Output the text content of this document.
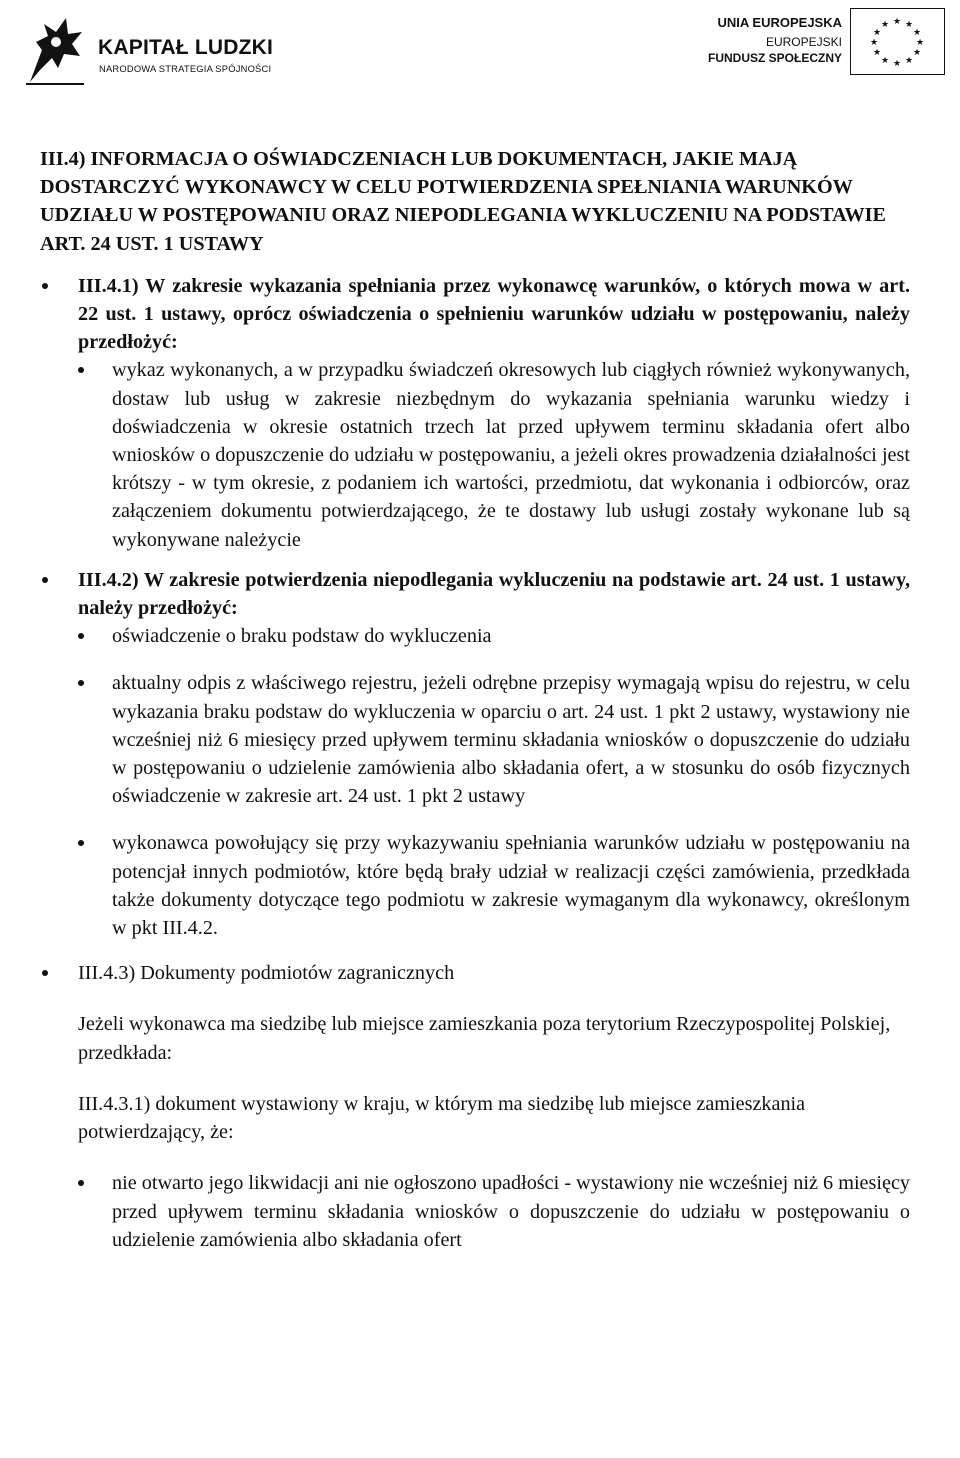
KAPITAŁ LUDZKI
NARODOWA STRATEGIA SPÓJNOŚCI
UNIA EUROPEJSKA
EUROPEJSKI
FUNDUSZ SPOŁECZNY
★ ★
★
★
★
★
★
★
★
★
★
★
III.4) INFORMACJA O OŚWIADCZENIACH LUB DOKUMENTACH, JAKIE MAJĄ DOSTARCZYĆ WYKONAWCY W CELU POTWIERDZENIA SPEŁNIANIA WARUNKÓW UDZIAŁU W POSTĘPOWANIU ORAZ NIEPODLEGANIA WYKLUCZENIU NA PODSTAWIE ART. 24 UST. 1 USTAWY
III.4.1) W zakresie wykazania spełniania przez wykonawcę warunków, o których mowa w art. 22 ust. 1 ustawy, oprócz oświadczenia o spełnieniu warunków udziału w postępowaniu, należy przedłożyć:
wykaz wykonanych, a w przypadku świadczeń okresowych lub ciągłych również wykonywanych, dostaw lub usług w zakresie niezbędnym do wykazania spełniania warunku wiedzy i doświadczenia w okresie ostatnich trzech lat przed upływem terminu składania ofert albo wniosków o dopuszczenie do udziału w postępowaniu, a jeżeli okres prowadzenia działalności jest krótszy - w tym okresie, z podaniem ich wartości, przedmiotu, dat wykonania i odbiorców, oraz załączeniem dokumentu potwierdzającego, że te dostawy lub usługi zostały wykonane lub są wykonywane należycie
III.4.2) W zakresie potwierdzenia niepodlegania wykluczeniu na podstawie art. 24 ust. 1 ustawy, należy przedłożyć:
oświadczenie o braku podstaw do wykluczenia
aktualny odpis z właściwego rejestru, jeżeli odrębne przepisy wymagają wpisu do rejestru, w celu wykazania braku podstaw do wykluczenia w oparciu o art. 24 ust. 1 pkt 2 ustawy, wystawiony nie wcześniej niż 6 miesięcy przed upływem terminu składania wniosków o dopuszczenie do udziału w postępowaniu o udzielenie zamówienia albo składania ofert, a w stosunku do osób fizycznych oświadczenie w zakresie art. 24 ust. 1 pkt 2 ustawy
wykonawca powołujący się przy wykazywaniu spełniania warunków udziału w postępowaniu na potencjał innych podmiotów, które będą brały udział w realizacji części zamówienia, przedkłada także dokumenty dotyczące tego podmiotu w zakresie wymaganym dla wykonawcy, określonym w pkt III.4.2.
III.4.3) Dokumenty podmiotów zagranicznych
Jeżeli wykonawca ma siedzibę lub miejsce zamieszkania poza terytorium Rzeczypospolitej Polskiej, przedkłada:
III.4.3.1) dokument wystawiony w kraju, w którym ma siedzibę lub miejsce zamieszkania potwierdzający, że:
nie otwarto jego likwidacji ani nie ogłoszono upadłości - wystawiony nie wcześniej niż 6 miesięcy przed upływem terminu składania wniosków o dopuszczenie do udziału w postępowaniu o udzielenie zamówienia albo składania ofert
